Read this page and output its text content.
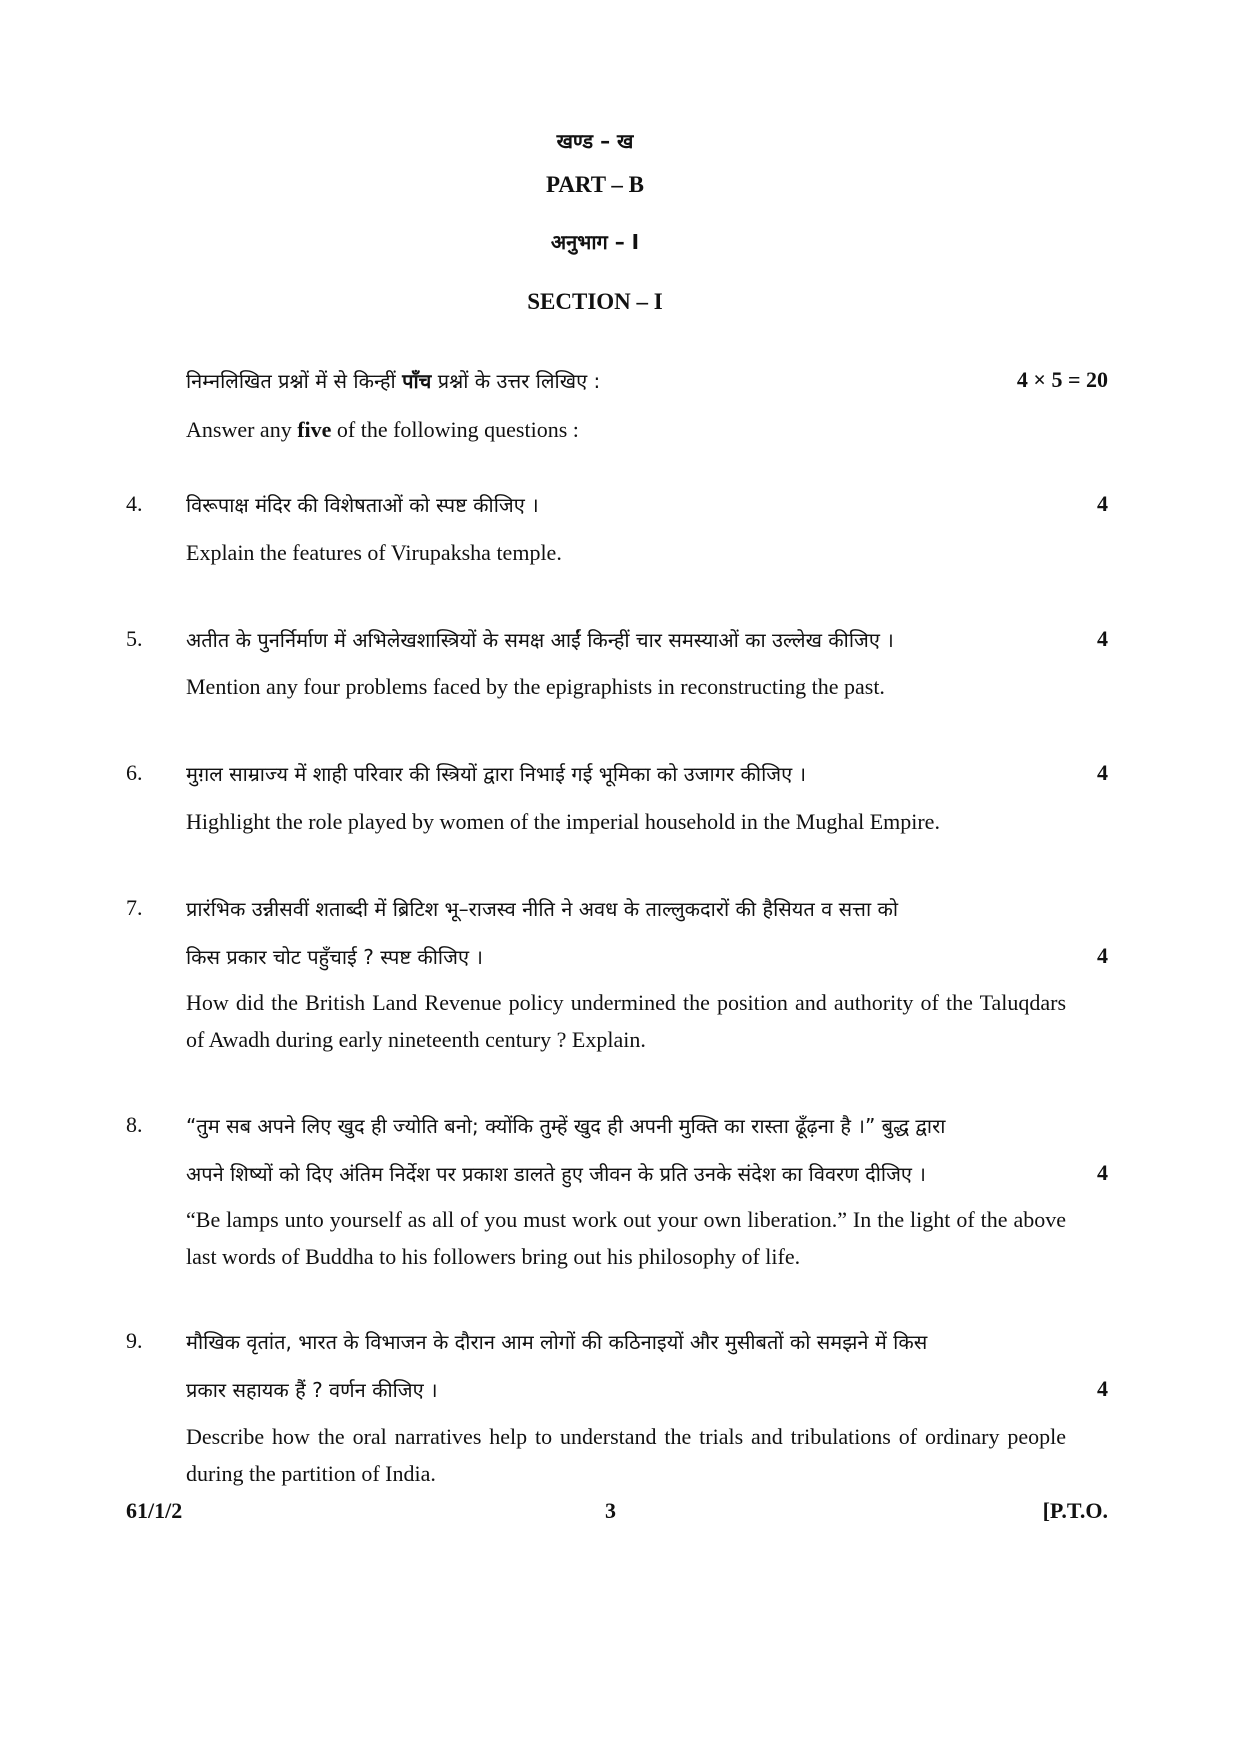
खण्ड – ख
PART – B
अनुभाग – I
SECTION – I
निम्नलिखित प्रश्नों में से किन्हीं पाँच प्रश्नों के उत्तर लिखिए :	4 × 5 = 20
Answer any five of the following questions :
4. विरूपाक्ष मंदिर की विशेषताओं को स्पष्ट कीजिए ।	4
Explain the features of Virupaksha temple.
5. अतीत के पुनर्निर्माण में अभिलेखशास्त्रियों के समक्ष आईं किन्हीं चार समस्याओं का उल्लेख कीजिए ।	4
Mention any four problems faced by the epigraphists in reconstructing the past.
6. मुग़ल साम्राज्य में शाही परिवार की स्त्रियों द्वारा निभाई गई भूमिका को उजागर कीजिए ।	4
Highlight the role played by women of the imperial household in the Mughal Empire.
7. प्रारंभिक उन्नीसवीं शताब्दी में ब्रिटिश भू–राजस्व नीति ने अवध के ताल्लुकदारों की हैसियत व सत्ता को
किस प्रकार चोट पहुँचाई ? स्पष्ट कीजिए ।	4
How did the British Land Revenue policy undermined the position and authority of the Taluqdars of Awadh during early nineteenth century ? Explain.
8. “तुम सब अपने लिए खुद ही ज्योति बनो; क्योंकि तुम्हें खुद ही अपनी मुक्ति का रास्ता ढूँढ़ना है ।” बुद्ध द्वारा
अपने शिष्यों को दिए अंतिम निर्देश पर प्रकाश डालते हुए जीवन के प्रति उनके संदेश का विवरण दीजिए ।	4
“Be lamps unto yourself as all of you must work out your own liberation.” In the light of the above last words of Buddha to his followers bring out his philosophy of life.
9. मौखिक वृतांत, भारत के विभाजन के दौरान आम लोगों की कठिनाइयों और मुसीबतों को समझने में किस
प्रकार सहायक हैं ? वर्णन कीजिए ।	4
Describe how the oral narratives help to understand the trials and tribulations of ordinary people during the partition of India.
61/1/2	3	[P.T.O.
